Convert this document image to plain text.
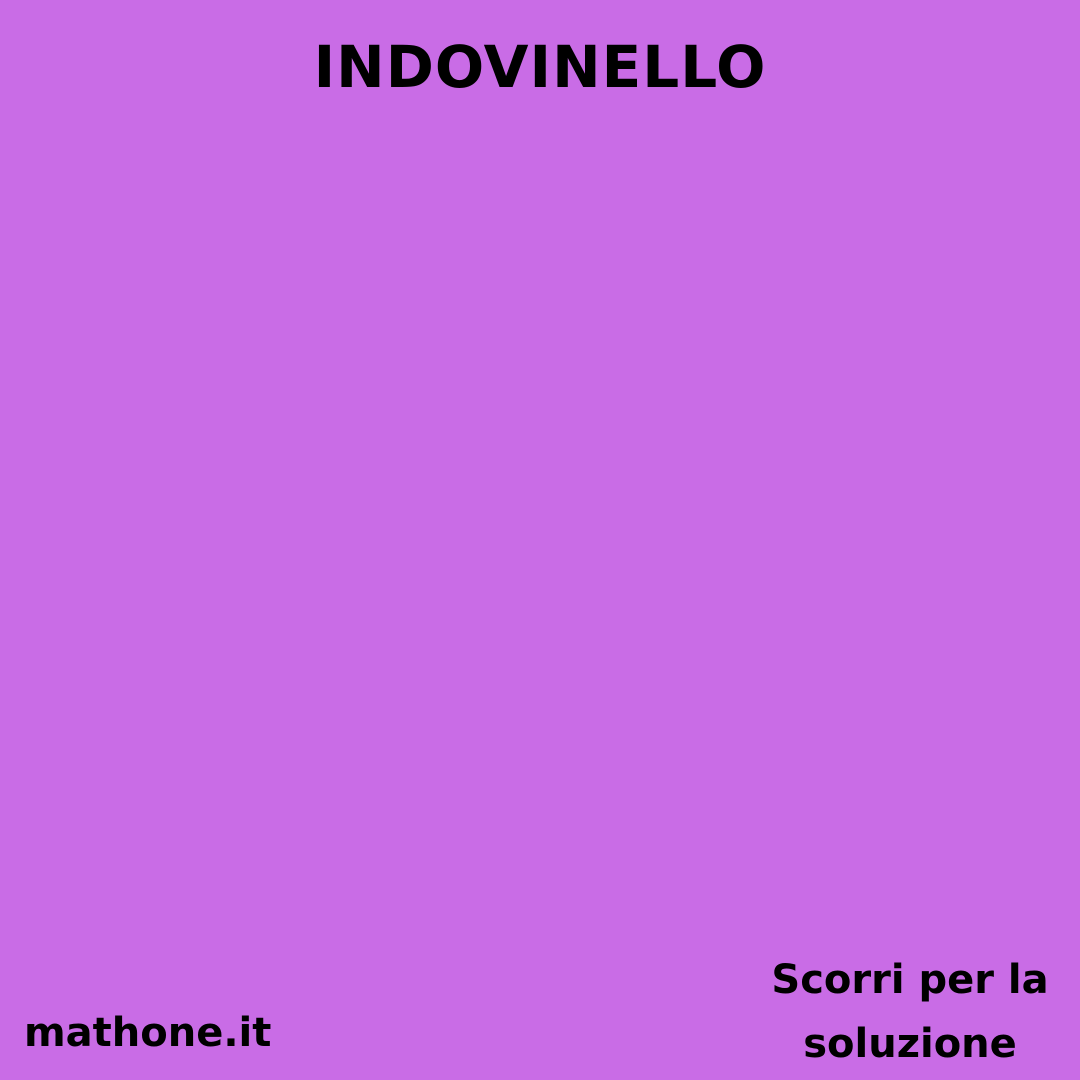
INDOVINELLO
mathone.it
Scorri per la
soluzione
